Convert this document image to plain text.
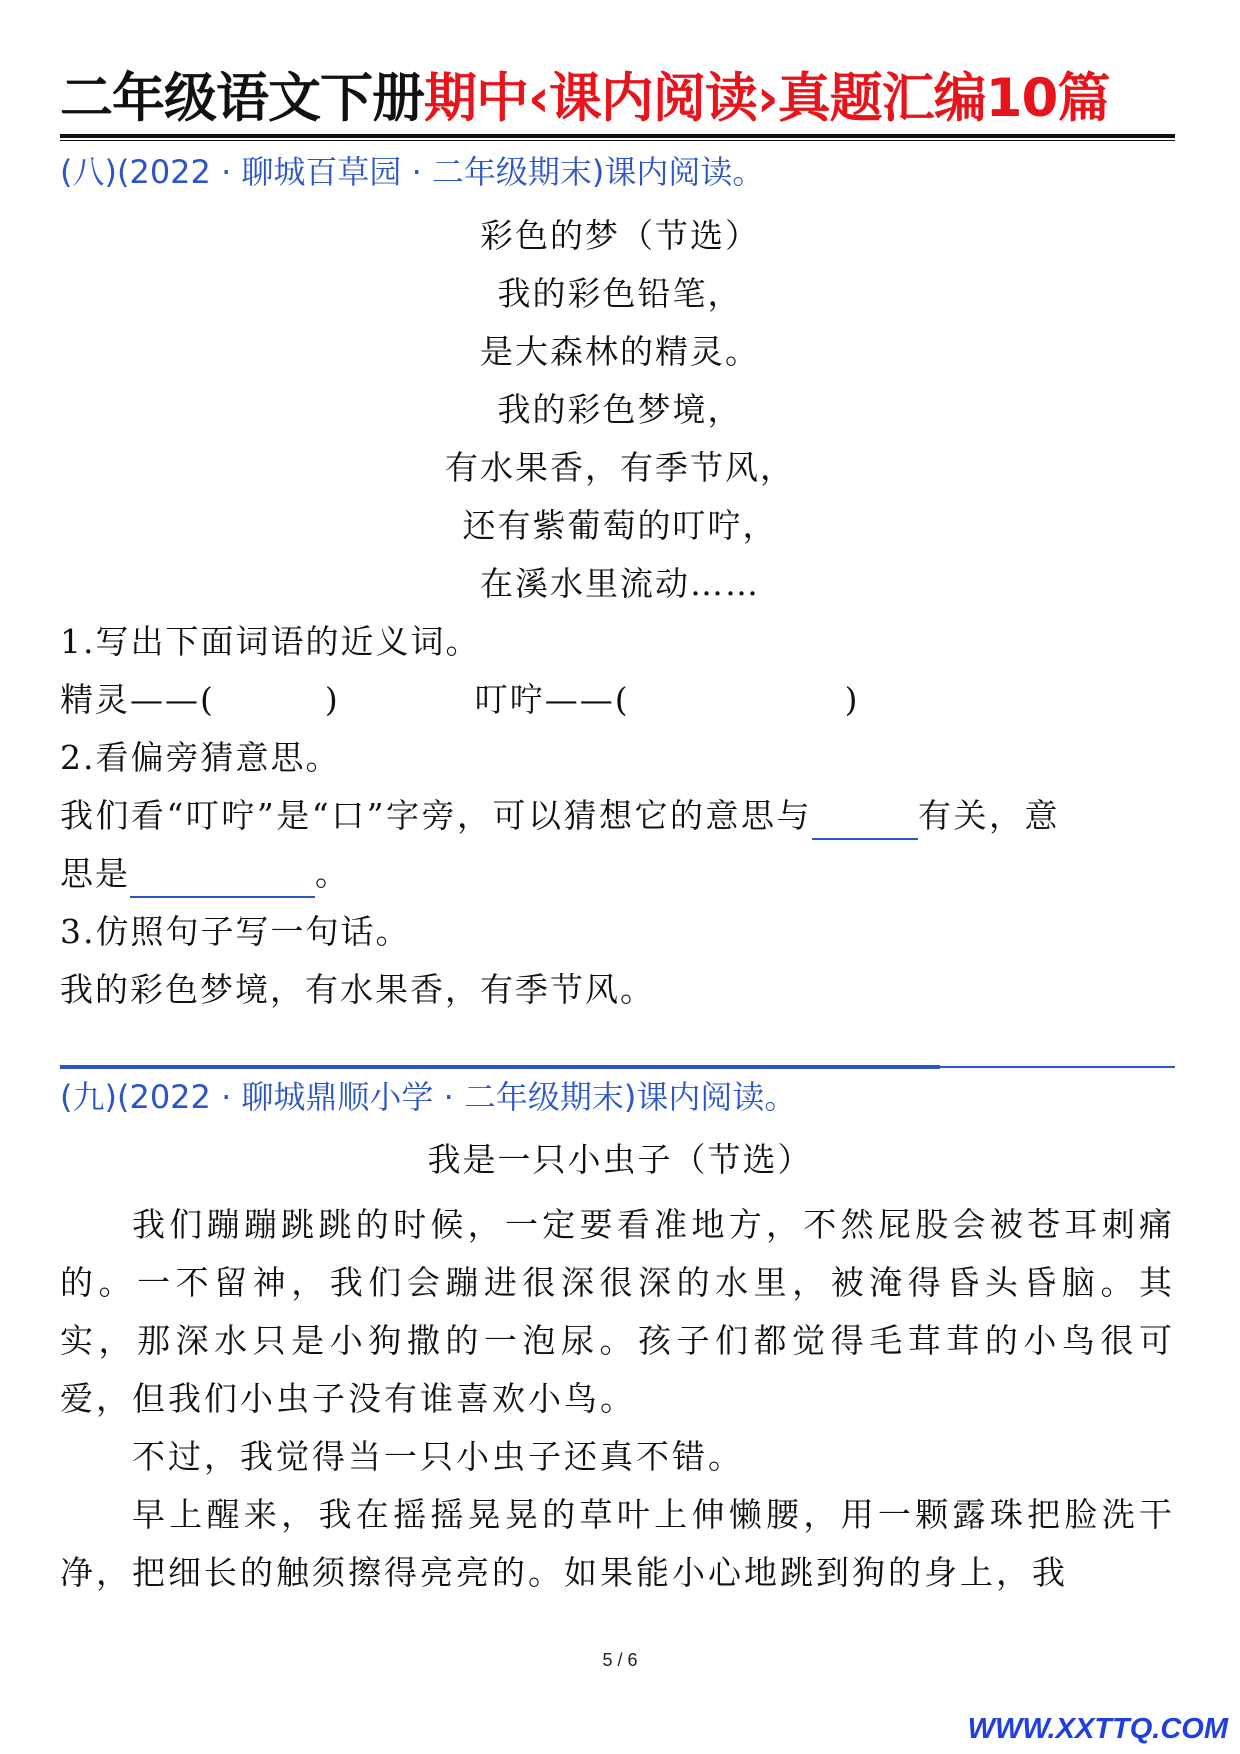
二年级语文下册期中‹课内阅读›真题汇编10篇
(八)(2022 · 聊城百草园 · 二年级期末)课内阅读。
彩色的梦（节选）
我的彩色铅笔，
是大森林的精灵。
我的彩色梦境，
有水果香，有季节风，
还有紫葡萄的叮咛，
在溪水里流动……
1.写出下面词语的近义词。
精灵——(	)	叮咛——(	)
2.看偏旁猜意思。
我们看“叮咛”是“口”字旁，可以猜想它的意思与	有关，意
思是	。
3.仿照句子写一句话。
我的彩色梦境，有水果香，有季节风。
(九)(2022 · 聊城鼎顺小学 · 二年级期末)课内阅读。
我是一只小虫子（节选）

我们蹦蹦跳跳的时候，一定要看准地方，不然屁股会被苍耳刺痛的。一不留神，我们会蹦进很深很深的水里，被淹得昏头昏脑。其实，那深水只是小狗撒的一泡尿。孩子们都觉得毛茸茸的小鸟很可爱，但我们小虫子没有谁喜欢小鸟。

不过，我觉得当一只小虫子还真不错。

早上醒来，我在摇摇晃晃的草叶上伸懒腰，用一颗露珠把脸洗干净，把细长的触须擦得亮亮的。如果能小心地跳到狗的身上，我

5 / 6
WWW.XXTTQ.COM
